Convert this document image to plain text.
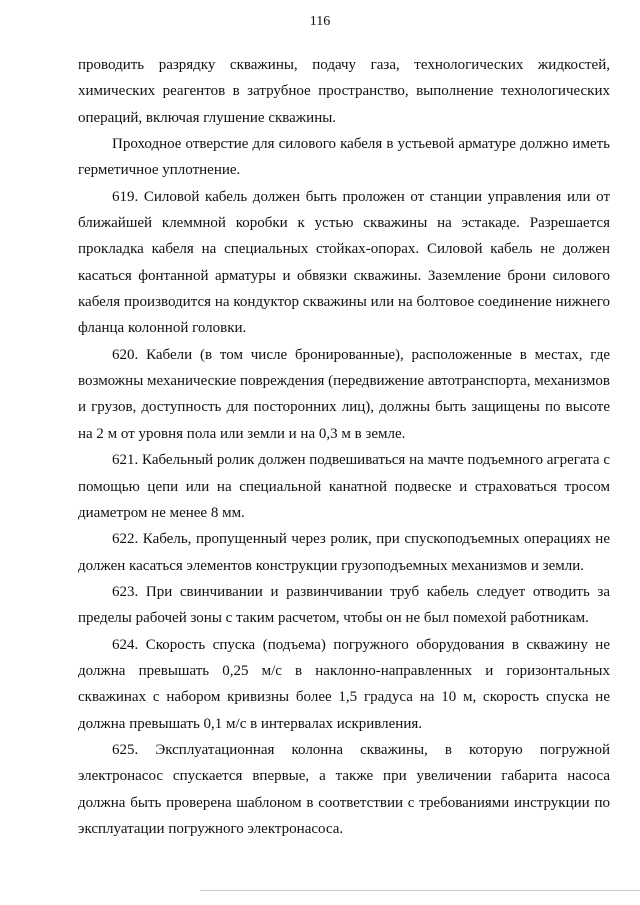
116

проводить разрядку скважины, подачу газа, технологических жидкостей, химических реагентов в затрубное пространство, выполнение технологических операций, включая глушение скважины.

Проходное отверстие для силового кабеля в устьевой арматуре должно иметь герметичное уплотнение.

619. Силовой кабель должен быть проложен от станции управления или от ближайшей клеммной коробки к устью скважины на эстакаде. Разрешается прокладка кабеля на специальных стойках-опорах. Силовой кабель не должен касаться фонтанной арматуры и обвязки скважины. Заземление брони силового кабеля производится на кондуктор скважины или на болтовое соединение нижнего фланца колонной головки.

620. Кабели (в том числе бронированные), расположенные в местах, где возможны механические повреждения (передвижение автотранспорта, механизмов и грузов, доступность для посторонних лиц), должны быть защищены по высоте на 2 м от уровня пола или земли и на 0,3 м в земле.

621. Кабельный ролик должен подвешиваться на мачте подъемного агрегата с помощью цепи или на специальной канатной подвеске и страховаться тросом диаметром не менее 8 мм.

622. Кабель, пропущенный через ролик, при спускоподъемных операциях не должен касаться элементов конструкции грузоподъемных механизмов и земли.

623. При свинчивании и развинчивании труб кабель следует отводить за пределы рабочей зоны с таким расчетом, чтобы он не был помехой работникам.

624. Скорость спуска (подъема) погружного оборудования в скважину не должна превышать 0,25 м/с в наклонно-направленных и горизонтальных скважинах с набором кривизны более 1,5 градуса на 10 м, скорость спуска не должна превышать 0,1 м/с в интервалах искривления.

625. Эксплуатационная колонна скважины, в которую погружной электронасос спускается впервые, а также при увеличении габарита насоса должна быть проверена шаблоном в соответствии с требованиями инструкции по эксплуатации погружного электронасоса.
